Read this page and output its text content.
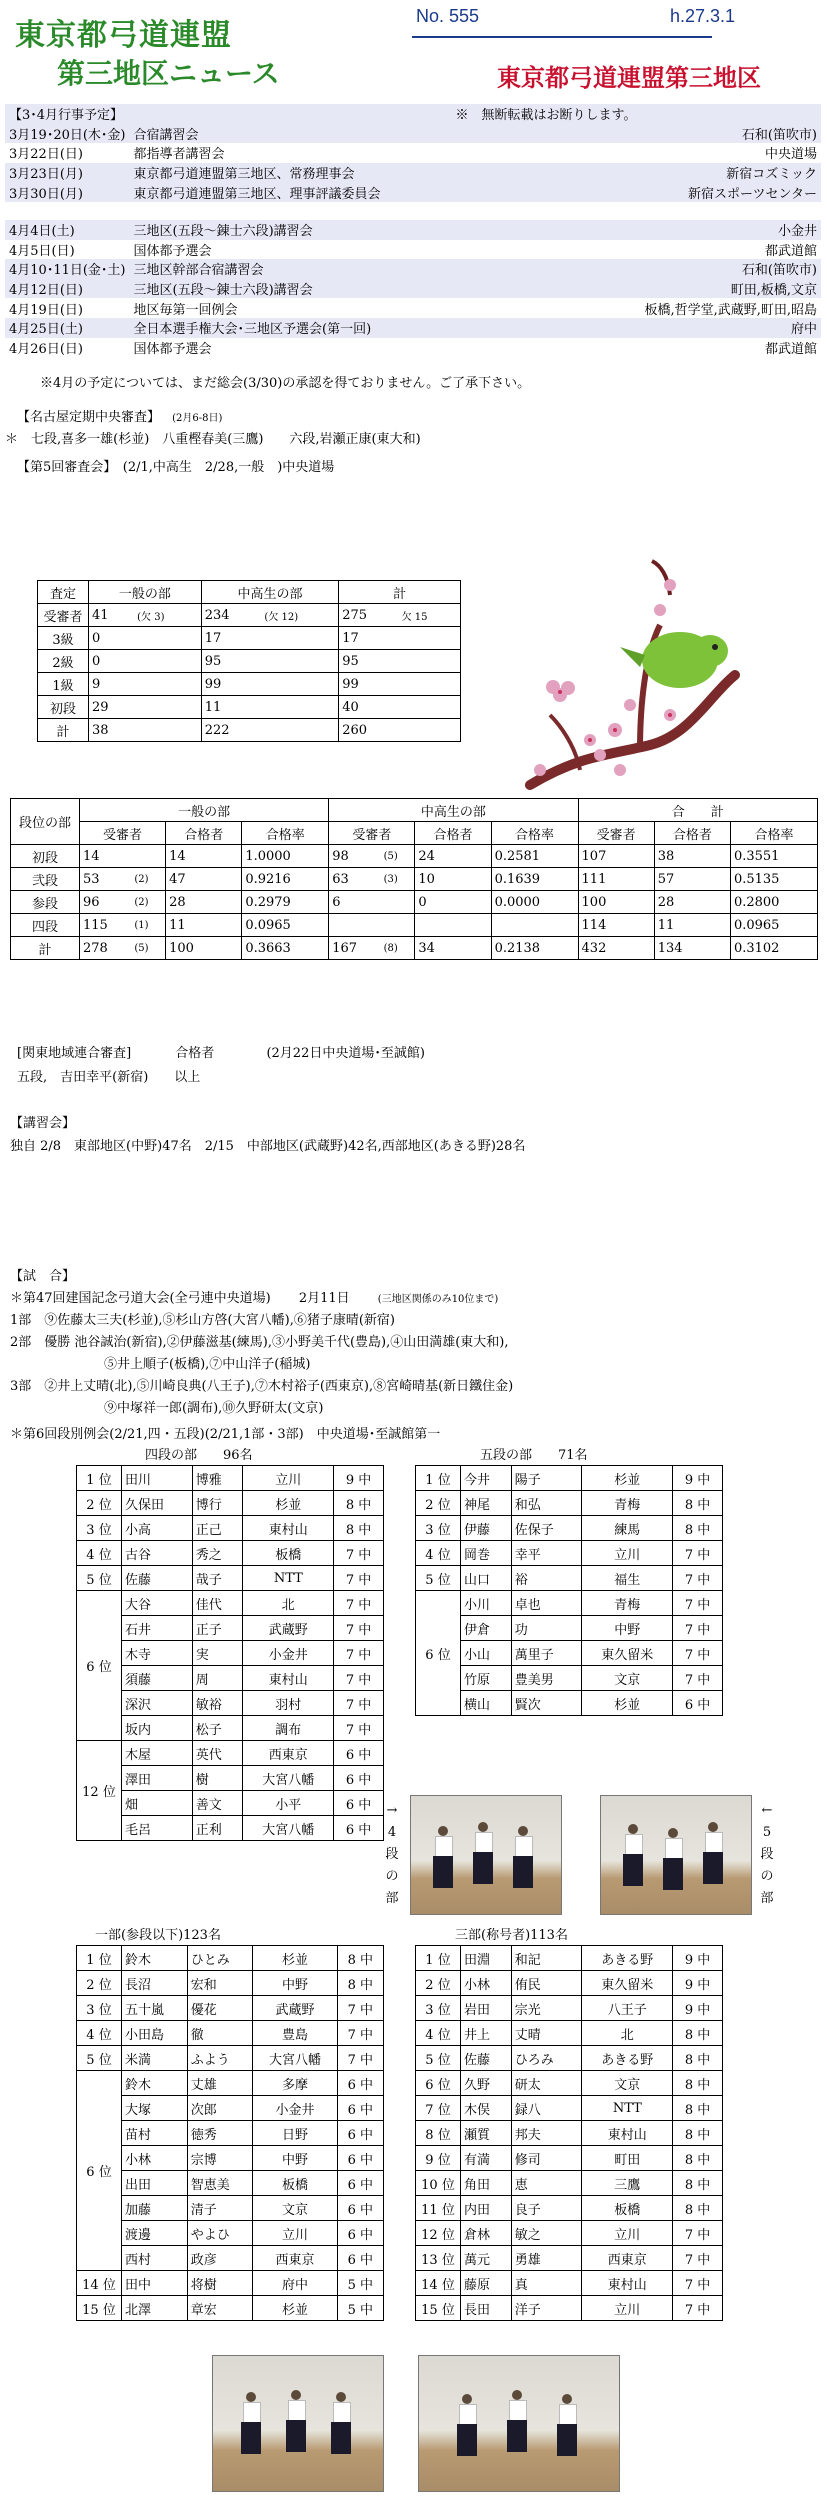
東京都弓道連盟
第三地区ニュース
No. 555	h.27.3.1
東京都弓道連盟第三地区
【3･4月行事予定】	※　無断転載はお断りします。	
3月19･20日(木･金)	合宿講習会	石和(笛吹市)
3月22日(日)	都指導者講習会	中央道場
3月23日(月)	東京都弓道連盟第三地区、常務理事会	新宿コズミック
3月30日(月)	東京都弓道連盟第三地区、理事評議委員会	新宿スポーツセンター

4月4日(土)	三地区(五段～錬士六段)講習会	小金井
4月5日(日)	国体都予選会	都武道館
4月10･11日(金･土)	三地区幹部合宿講習会	石和(笛吹市)
4月12日(日)	三地区(五段～錬士六段)講習会	町田,板橋,文京
4月19日(日)	地区毎第一回例会	板橋,哲学堂,武蔵野,町田,昭島
4月25日(土)	全日本選手権大会･三地区予選会(第一回)	府中
4月26日(日)	国体都予選会	都武道館
※4月の予定については、まだ総会(3/30)の承認を得ておりません。ご了承下さい。
【名古屋定期中央審査】 (2月6-8日)
＊　七段,喜多一雄(杉並)　八重樫春美(三鷹)　　六段,岩瀬正康(東大和)
【第5回審査会】　(2/1,中高生　2/28,一般　)中央道場
査定	一般の部		中高生の部		計	
受審者	41	(欠 3)	234	(欠 12)	275	欠 15
3級	0		17		17	
2級	0		95		95	
1級	9		99		99	
初段	29		11		40	
計	38		222		260	
段位の部	一般の部				中高生の部				合　　計		
	受審者		合格者	合格率	受審者		合格者	合格率	受審者	合格者	合格率
初段	14		14	1.0000	98	(5)	24	0.2581	107	38	0.3551
弐段	53	(2)	47	0.9216	63	(3)	10	0.1639	111	57	0.5135
参段	96	(2)	28	0.2979	6		0	0.0000	100	28	0.2800
四段	115	(1)	11	0.0965					114	11	0.0965
計	278	(5)	100	0.3663	167	(8)	34	0.2138	432	134	0.3102
[関東地域連合審査]	合格者	(2月22日中央道場･至誠館)
五段,　吉田幸平(新宿)　　以上
【講習会】
独自 2/8　東部地区(中野)47名　2/15　中部地区(武蔵野)42名,西部地区(あきる野)28名
【試　合】
＊第47回建国記念弓道大会(全弓連中央道場) 2月11日	(三地区関係のみ10位まで)
1部　⑨佐藤太三夫(杉並),⑤杉山方啓(大宮八幡),⑥猪子康晴(新宿)
2部　優勝 池谷誠治(新宿),②伊藤滋基(練馬),③小野美千代(豊島),④山田満雄(東大和),
⑤井上順子(板橋),⑦中山洋子(稲城)
3部　②井上丈晴(北),⑤川崎良典(八王子),⑦木村裕子(西東京),⑧宮崎晴基(新日鐵住金)
⑨中塚祥一郎(調布),⑩久野研太(文京)
＊第6回段別例会(2/21,四・五段)(2/21,1部・3部)　中央道場･至誠館第一
四段の部　　96名
1 位	田川	博雅	立川	9 中
2 位	久保田	博行	杉並	8 中
3 位	小高	正己	東村山	8 中
4 位	古谷	秀之	板橋	7 中
5 位	佐藤	哉子	NTT	7 中
6 位	大谷	佳代	北	7 中
	石井	正子	武蔵野	7 中
	木寺	実	小金井	7 中
	須藤	周	東村山	7 中
	深沢	敏裕	羽村	7 中
	坂内	松子	調布	7 中
12 位	木屋	英代	西東京	6 中
	澤田	樹	大宮八幡	6 中
	畑	善文	小平	6 中
	毛呂	正利	大宮八幡	6 中
五段の部　　71名
1 位	今井	陽子	杉並	9 中
2 位	神尾	和弘	青梅	8 中
3 位	伊藤	佐保子	練馬	8 中
4 位	岡巻	幸平	立川	7 中
5 位	山口	裕	福生	7 中
6 位	小川	卓也	青梅	7 中
	伊倉	功	中野	7 中
	小山	萬里子	東久留米	7 中
	竹原	豊美男	文京	7 中
	横山	賢次	杉並	6 中
→
4
段
の
部
←
5
段
の
部
一部(参段以下)123名
1 位	鈴木	ひとみ	杉並	8 中
2 位	長沼	宏和	中野	8 中
3 位	五十嵐	優花	武蔵野	7 中
4 位	小田島	徹	豊島	7 中
5 位	米満	ふよう	大宮八幡	7 中
6 位	鈴木	丈雄	多摩	6 中
	大塚	次郎	小金井	6 中
	苗村	徳秀	日野	6 中
	小林	宗博	中野	6 中
	出田	智恵美	板橋	6 中
	加藤	清子	文京	6 中
	渡邊	やよひ	立川	6 中
	西村	政彦	西東京	6 中
14 位	田中	将樹	府中	5 中
15 位	北澤	章宏	杉並	5 中
三部(称号者)113名
1 位	田淵	和記	あきる野	9 中
2 位	小林	侑民	東久留米	9 中
3 位	岩田	宗光	八王子	9 中
4 位	井上	丈晴	北	8 中
5 位	佐藤	ひろみ	あきる野	8 中
6 位	久野	研太	文京	8 中
7 位	木俣	録八	NTT	8 中
8 位	瀬質	邦夫	東村山	8 中
9 位	有満	修司	町田	8 中
10 位	角田	恵	三鷹	8 中
11 位	内田	良子	板橋	8 中
12 位	倉林	敏之	立川	7 中
13 位	萬元	勇雄	西東京	7 中
14 位	藤原	真	東村山	7 中
15 位	長田	洋子	立川	7 中
